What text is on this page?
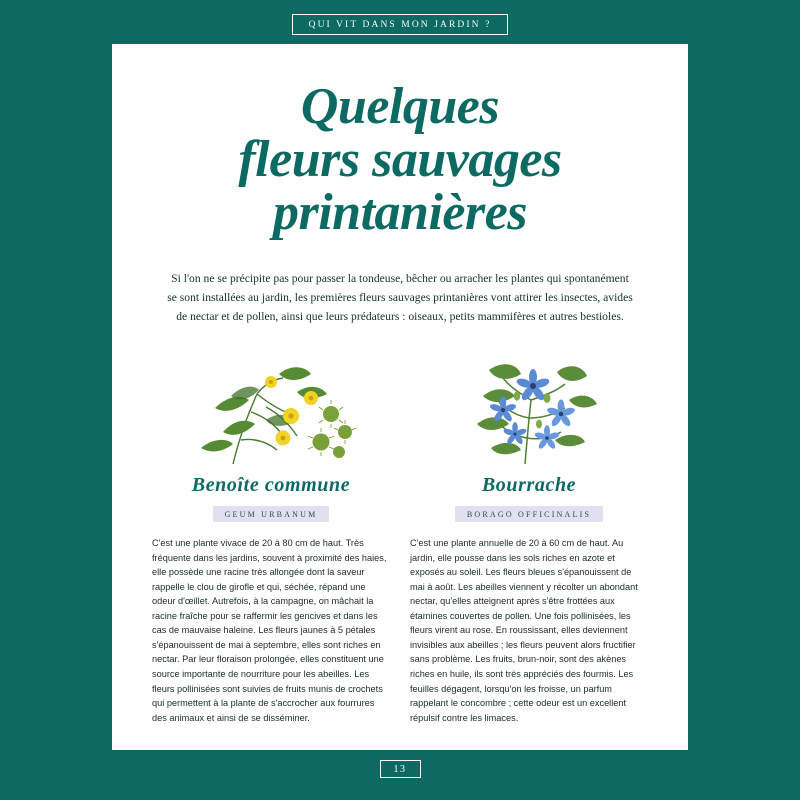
QUI VIT DANS MON JARDIN ?
Quelques
fleurs sauvages
printanières
Si l'on ne se précipite pas pour passer la tondeuse, bêcher ou arracher les plantes qui spontanément se sont installées au jardin, les premières fleurs sauvages printanières vont attirer les insectes, avides de nectar et de pollen, ainsi que leurs prédateurs : oiseaux, petits mammifères et autres bestioles.
Benoîte commune
GEUM URBANUM
C'est une plante vivace de 20 à 80 cm de haut. Très fréquente dans les jardins, souvent à proximité des haies, elle possède une racine très allongée dont la saveur rappelle le clou de girofle et qui, séchée, répand une odeur d'œillet. Autrefois, à la campagne, on mâchait la racine fraîche pour se raffermir les gencives et dans les cas de mauvaise haleine. Les fleurs jaunes à 5 pétales s'épanouissent de mai à septembre, elles sont riches en nectar. Par leur floraison prolongée, elles constituent une source importante de nourriture pour les abeilles. Les fleurs pollinisées sont suivies de fruits munis de crochets qui permettent à la plante de s'accrocher aux fourrures des animaux et ainsi de se disséminer.
Bourrache
BORAGO OFFICINALIS
C'est une plante annuelle de 20 à 60 cm de haut. Au jardin, elle pousse dans les sols riches en azote et exposés au soleil. Les fleurs bleues s'épanouissent de mai à août. Les abeilles viennent y récolter un abondant nectar, qu'elles atteignent après s'être frottées aux étamines couvertes de pollen. Une fois pollinisées, les fleurs virent au rose. En roussissant, elles deviennent invisibles aux abeilles ; les fleurs peuvent alors fructifier sans problème. Les fruits, brun-noir, sont des akènes riches en huile, ils sont très appréciés des fourmis. Les feuilles dégagent, lorsqu'on les froisse, un parfum rappelant le concombre ; cette odeur est un excellent répulsif contre les limaces.
13
